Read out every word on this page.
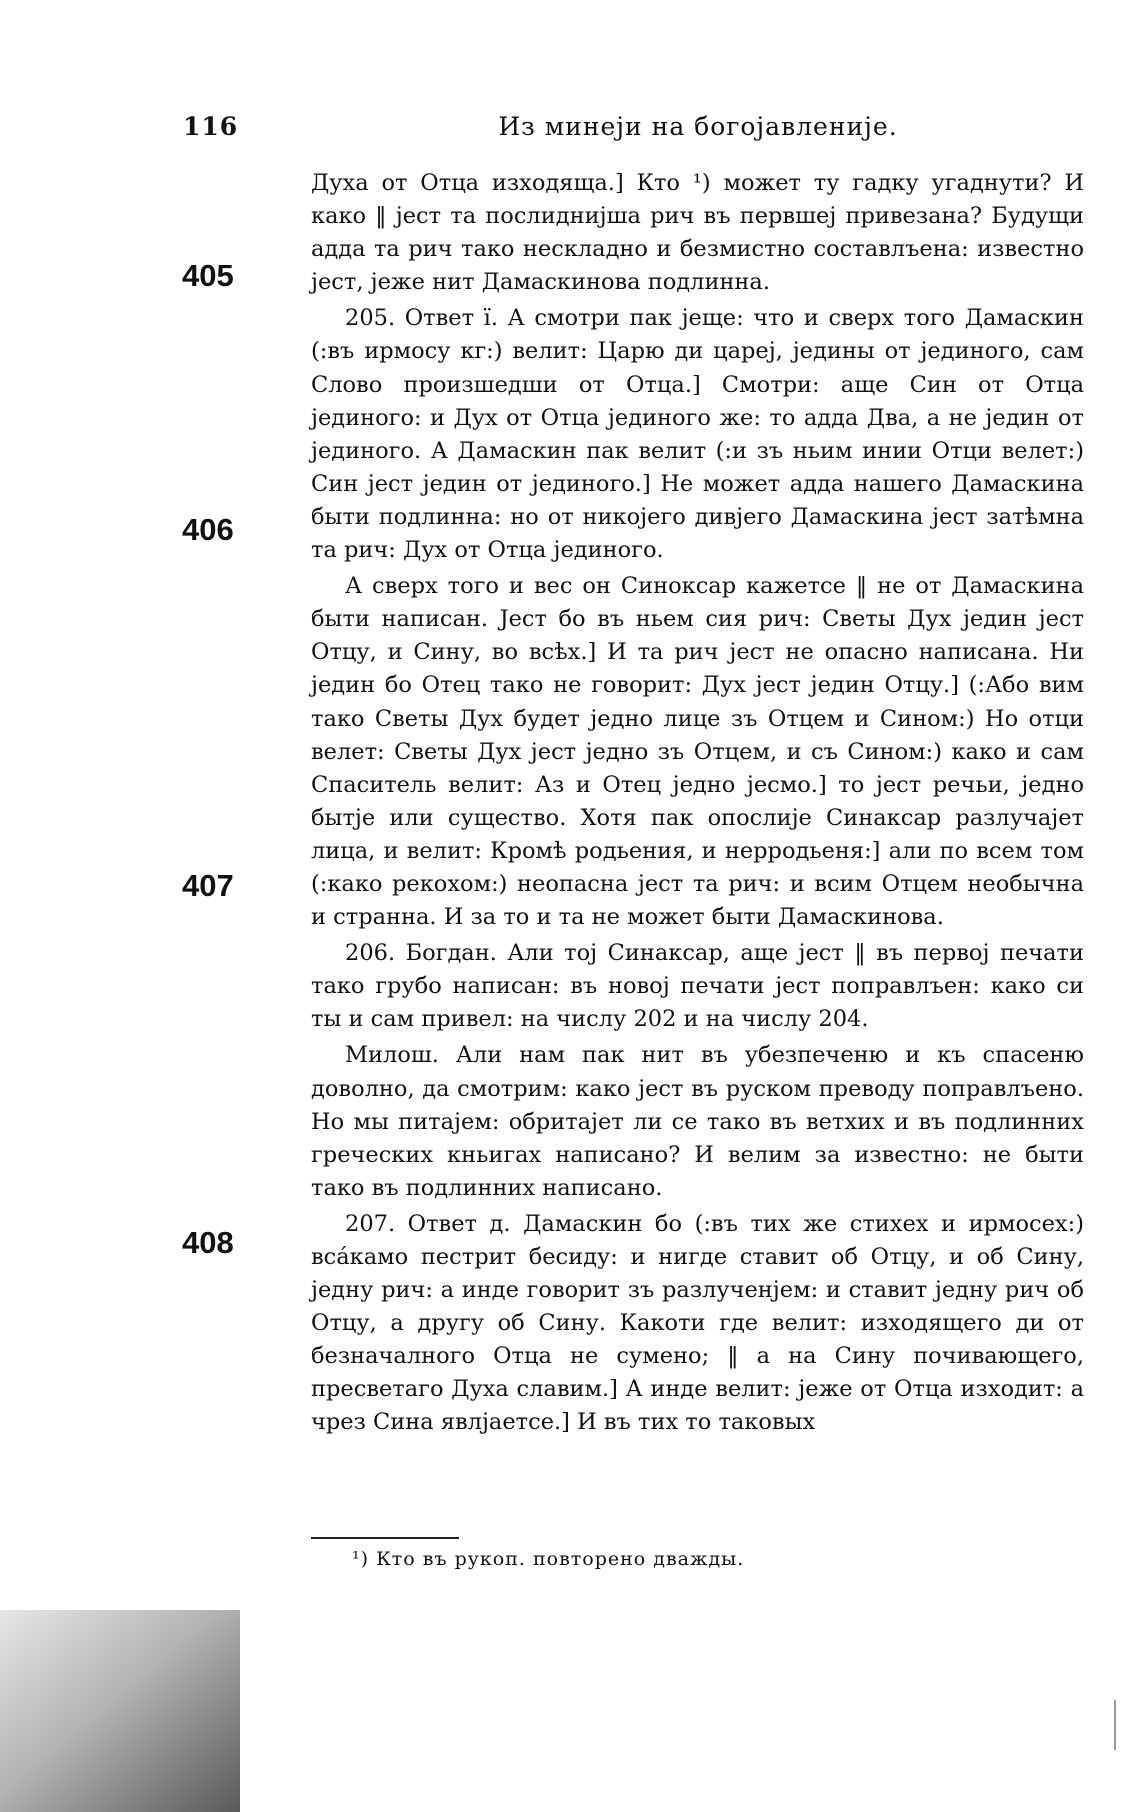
116	Из минеји на богојавленије.
405
406
407
408

Духа от Отца изходяща.] Кто ¹) может ту гадку угаднути? И како ‖ јест та послиднијша рич въ первшеј привезана? Будущи адда та рич тако нескладно и безмистно составлъена: известно јест, јеже нит Дамаскинова подлинна.

205. Ответ ї. А смотри пак јеще: что и сверх того Дамаскин (:въ ирмосу кг:) велит: Царю ди цареј, једины от јединого, сам Слово произшедши от Отца.] Смотри: аще Син от Отца јединого: и Дух от Отца јединого же: то адда Два, а не једин от јединого. А Дамаскин пак велит (:и зъ ньим инии Отци велет:) Син јест једин от јединого.] Не может адда нашего Дамаскина быти подлинна: но от никојего дивјего Дамаскина јест затѣмна та рич: Дух от Отца јединого.

А сверх того и вес он Синоксар кажетсе ‖ не от Дамаскина быти написан. Јест бо въ ньем сия рич: Светы Дух једин јест Отцу, и Сину, во всѣх.] И та рич јест не опасно написана. Ни једин бо Отец тако не говорит: Дух јест једин Отцу.] (:Або вим тако Светы Дух будет једно лице зъ Отцем и Сином:) Но отци велет: Светы Дух јест једно зъ Отцем, и съ Сином:) како и сам Спаситель велит: Аз и Отец једно јесмо.] то јест речьи, једно бытје или существо. Хотя пак опослије Синаксар разлучајет лица, и велит: Кромѣ родьения, и нерродьеня:] али по всем том (:како рекохом:) неопасна јест та рич: и всим Отцем необычна и странна. И за то и та не может быти Дамаскинова.

206. Богдан. Али тој Синаксар, аще јест ‖ въ первој печати тако грубо написан: въ новој печати јест поправлъен: како си ты и сам привел: на числу 202 и на числу 204.

Милош. Али нам пак нит въ убезпеченю и къ спасеню доволно, да смотрим: како јест въ руском преводу поправлъено. Но мы питајем: обритајет ли се тако въ ветхих и въ подлинних греческих кньигах написано? И велим за известно: не быти тако въ подлинних написано.

207. Ответ д. Дамаскин бо (:въ тих же стихех и ирмосех:) всáкамо пестрит бесиду: и нигде ставит об Отцу, и об Сину, једну рич: а инде говорит зъ разлученјем: и ставит једну рич об Отцу, а другу об Сину. Какоти где велит: изходящего ди от безначалного Отца не сумено; ‖ а на Сину почивающего, пресветаго Духа славим.] А инде велит: јеже от Отца изходит: а чрез Сина явлјаетсе.] И въ тих то таковых

¹) Кто въ рукоп. повторено дважды.
